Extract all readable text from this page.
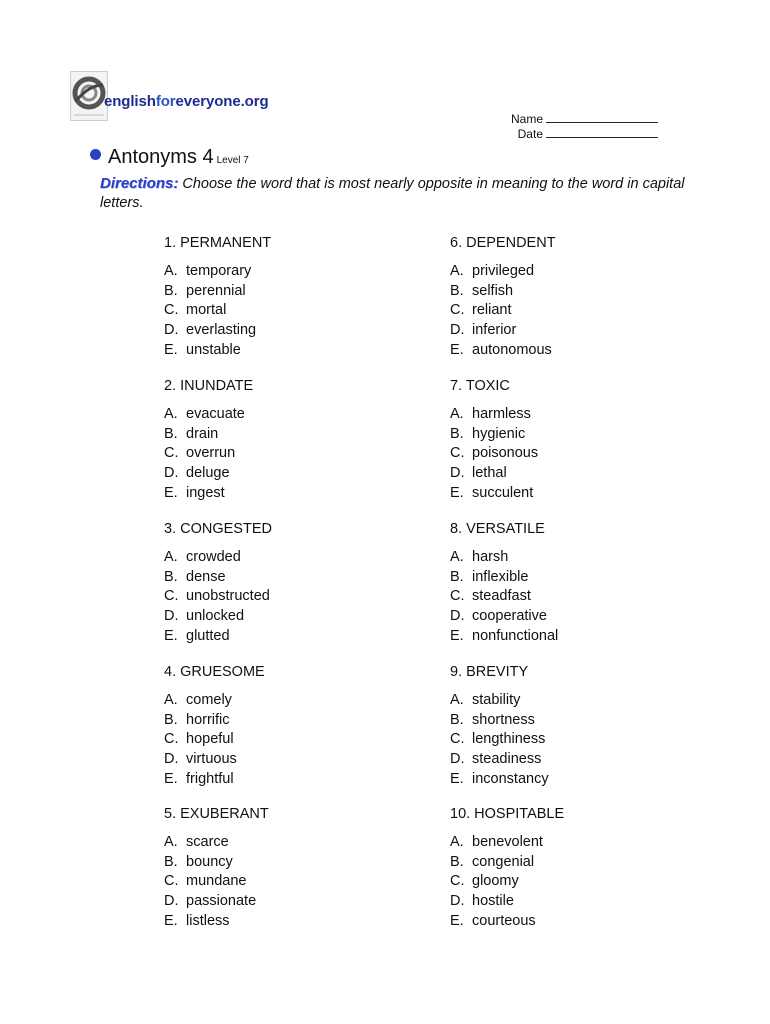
englishforeveryone.org
Name
Date
Antonyms 4 Level 7
Directions: Choose the word that is most nearly opposite in meaning to the word in capital letters.
1. PERMANENT
A. temporary
B. perennial
C. mortal
D. everlasting
E. unstable
6. DEPENDENT
A. privileged
B. selfish
C. reliant
D. inferior
E. autonomous
2. INUNDATE
A. evacuate
B. drain
C. overrun
D. deluge
E. ingest
7. TOXIC
A. harmless
B. hygienic
C. poisonous
D. lethal
E. succulent
3. CONGESTED
A. crowded
B. dense
C. unobstructed
D. unlocked
E. glutted
8. VERSATILE
A. harsh
B. inflexible
C. steadfast
D. cooperative
E. nonfunctional
4. GRUESOME
A. comely
B. horrific
C. hopeful
D. virtuous
E. frightful
9. BREVITY
A. stability
B. shortness
C. lengthiness
D. steadiness
E. inconstancy
5. EXUBERANT
A. scarce
B. bouncy
C. mundane
D. passionate
E. listless
10. HOSPITABLE
A. benevolent
B. congenial
C. gloomy
D. hostile
E. courteous
